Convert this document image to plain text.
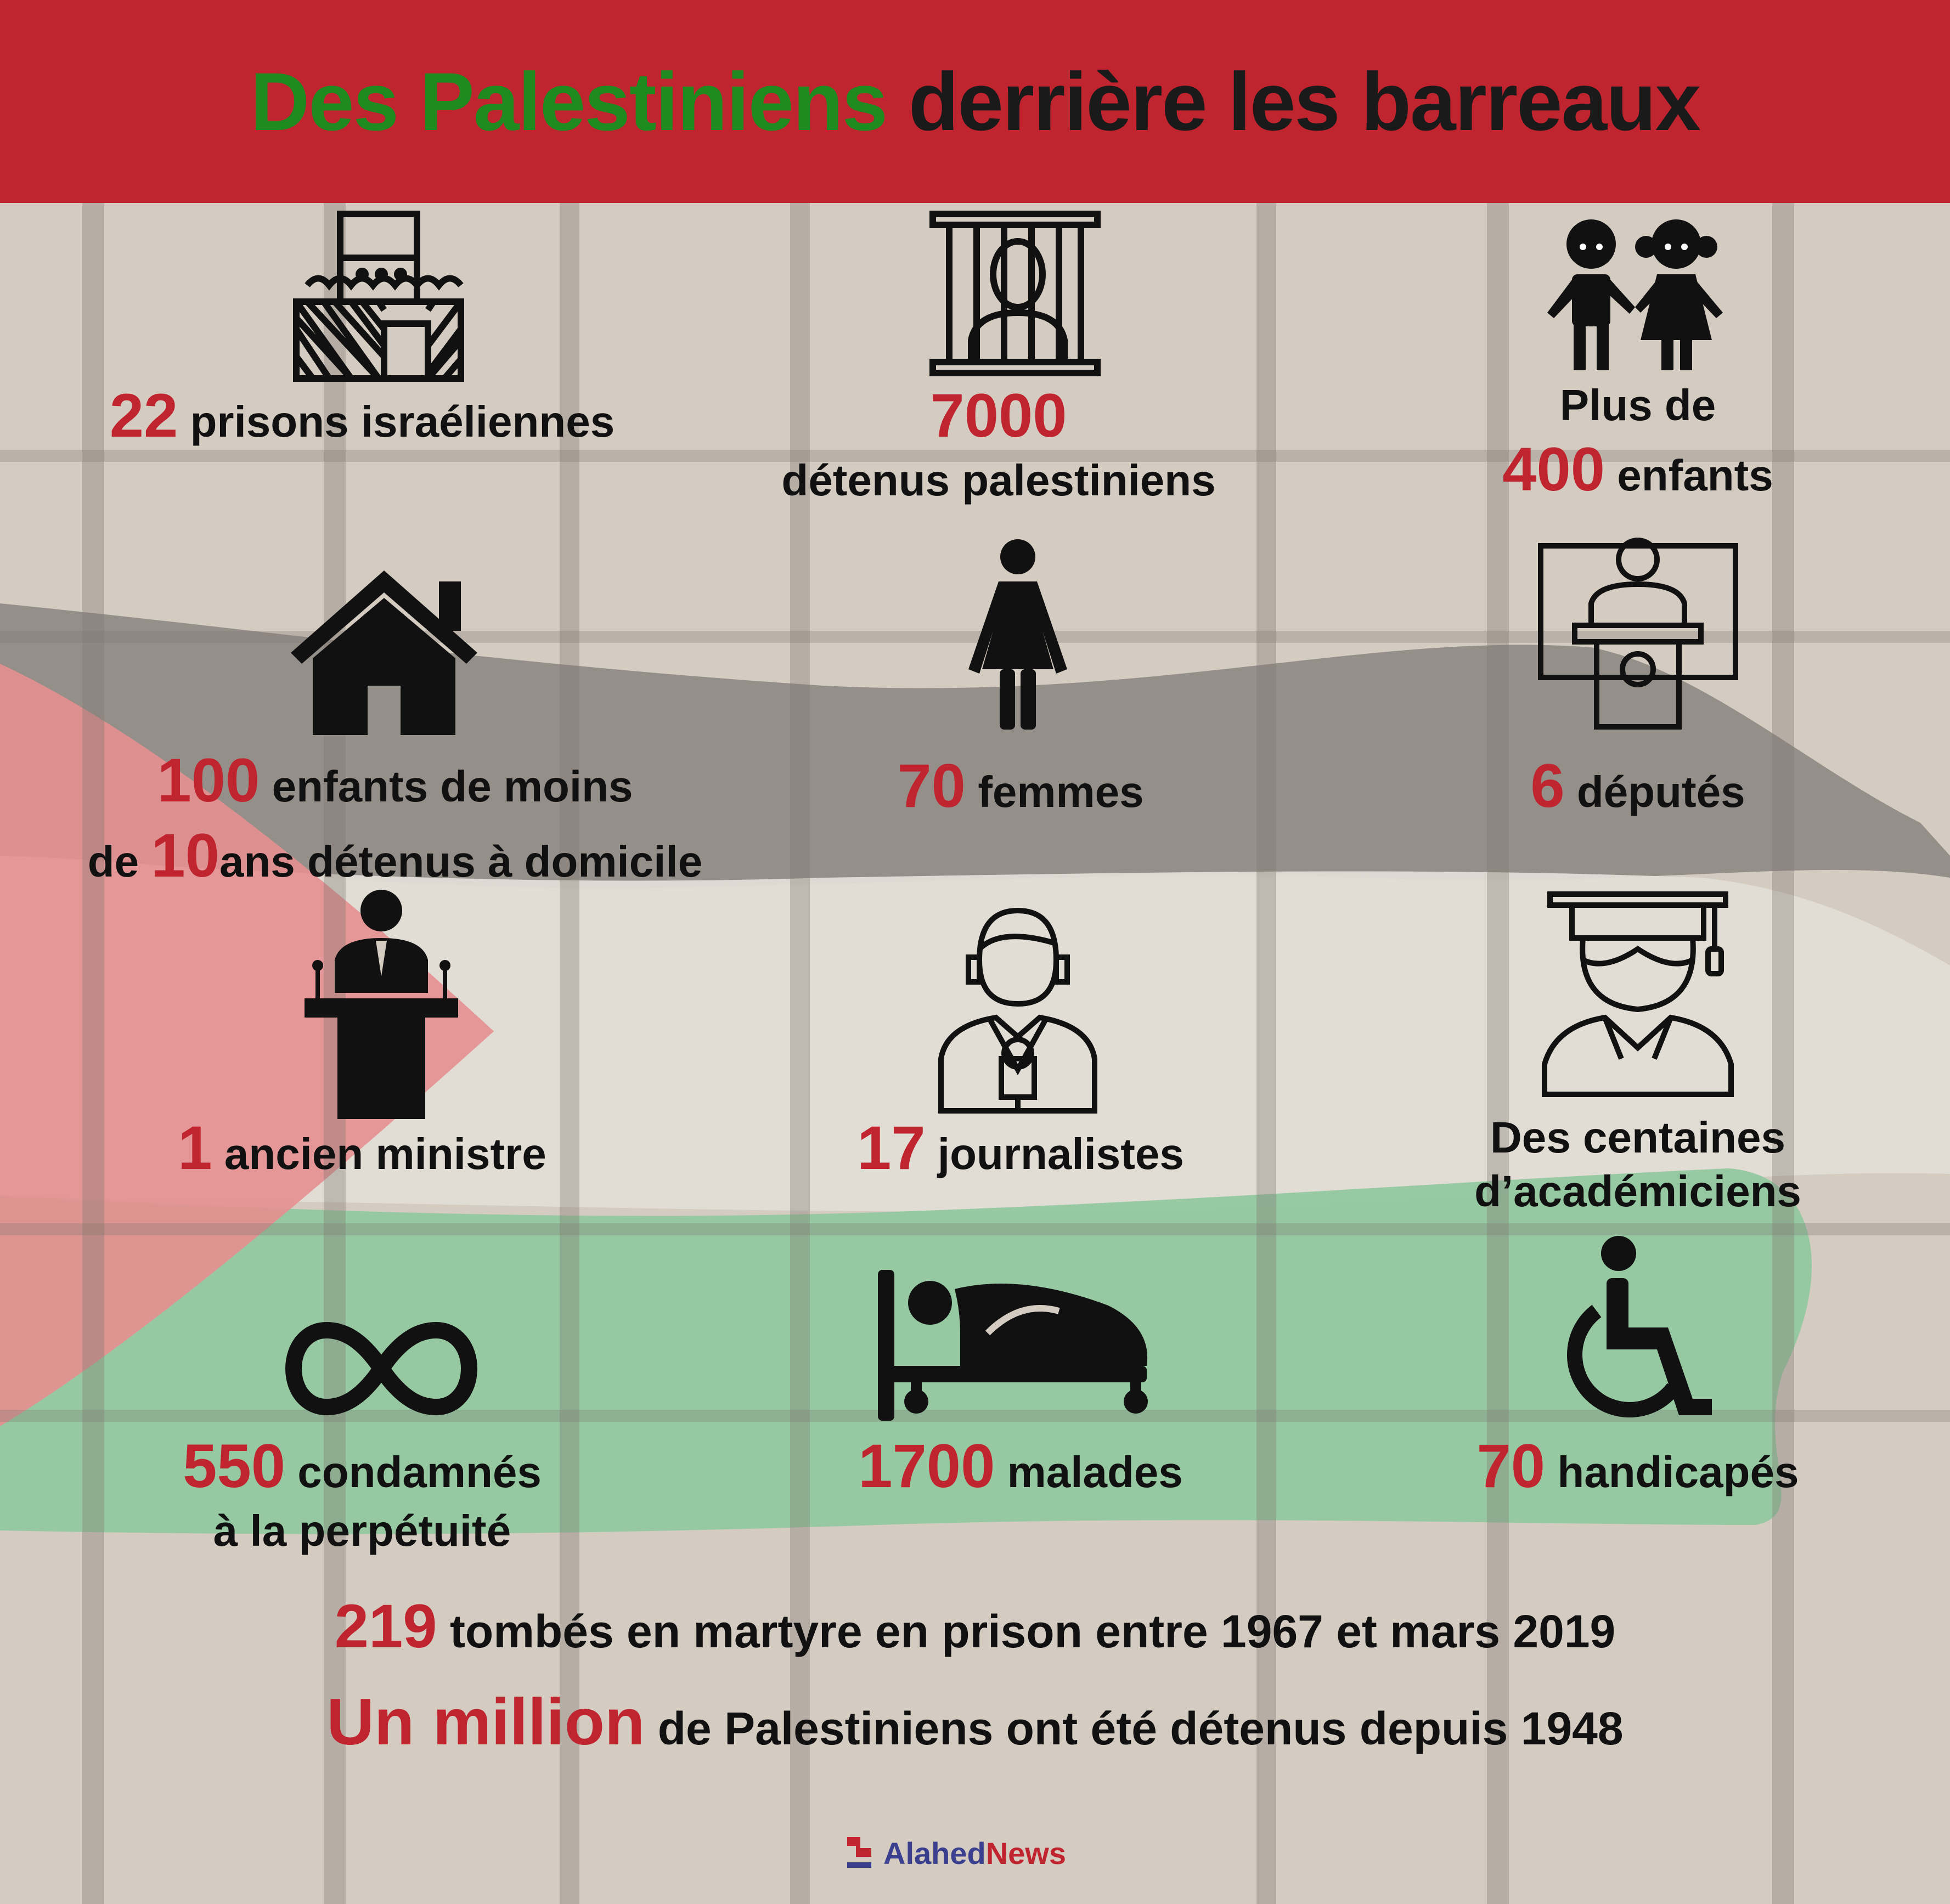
Des Palestiniens derrière les barreaux
22 prisons israéliennes	7000
détenus palestiniens
Plus de
400 enfants
100 enfants de moins
de 10ans détenus à domicile
70 femmes	6 députés
1 ancien ministre	17 journalistes	Des centaines
d’académiciens
550 condamnés
à la perpétuité
1700 malades	70 handicapés
219 tombés en martyre en prison entre 1967 et mars 2019
Un million de Palestiniens ont été détenus depuis 1948
Alahed News
